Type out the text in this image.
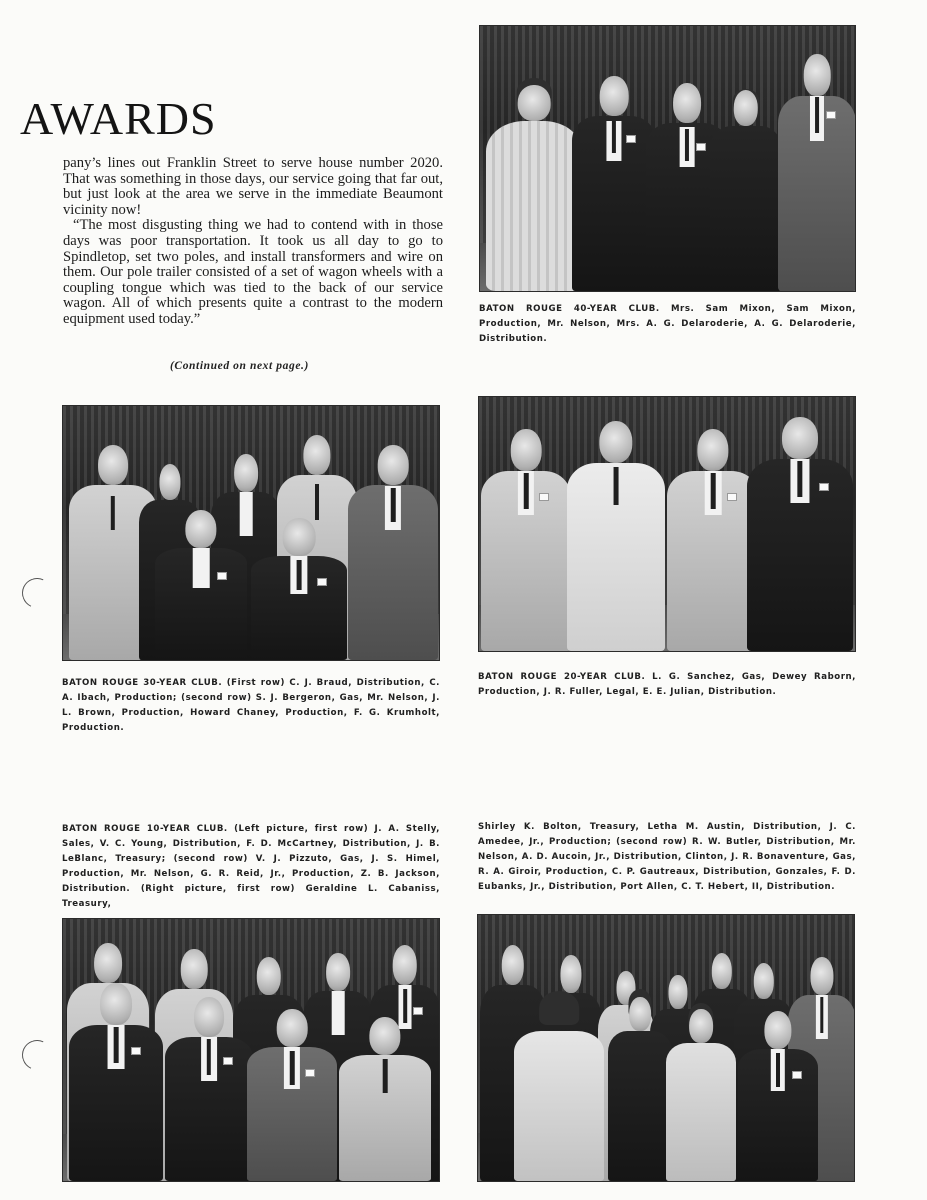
AWARDS

pany’s lines out Franklin Street to serve house number 2020. That was something in those days, our service going that far out, but just look at the area we serve in the immediate Beaumont vicinity now!

“The most disgusting thing we had to contend with in those days was poor transportation. It took us all day to go to Spindletop, set two poles, and install transformers and wire on them. Our pole trailer consisted of a set of wagon wheels with a coupling tongue which was tied to the back of our service wagon. All of which presents quite a contrast to the modern equipment used today.”

(Continued on next page.)
BATON ROUGE 40-YEAR CLUB. Mrs. Sam Mixon, Sam Mixon, Production, Mr. Nelson, Mrs. A. G. Delaroderie, A. G. Delaroderie, Distribution.
BATON ROUGE 30-YEAR CLUB. (First row) C. J. Braud, Distribution, C. A. Ibach, Production; (second row) S. J. Bergeron, Gas, Mr. Nelson, J. L. Brown, Production, Howard Chaney, Production, F. G. Krumholt, Production.
BATON ROUGE 20-YEAR CLUB. L. G. Sanchez, Gas, Dewey Raborn, Production, J. R. Fuller, Legal, E. E. Julian, Distribution.
BATON ROUGE 10-YEAR CLUB. (Left picture, first row) J. A. Stelly, Sales, V. C. Young, Distribution, F. D. McCartney, Distribution, J. B. LeBlanc, Treasury; (second row) V. J. Pizzuto, Gas, J. S. Himel, Production, Mr. Nelson, G. R. Reid, Jr., Production, Z. B. Jackson, Distribution. (Right picture, first row) Geraldine L. Cabaniss, Treasury,
Shirley K. Bolton, Treasury, Letha M. Austin, Distribution, J. C. Amedee, Jr., Production; (second row) R. W. Butler, Distribution, Mr. Nelson, A. D. Aucoin, Jr., Distribution, Clinton, J. R. Bonaventure, Gas, R. A. Giroir, Production, C. P. Gautreaux, Distribution, Gonzales, F. D. Eubanks, Jr., Distribution, Port Allen, C. T. Hebert, II, Distribution.
